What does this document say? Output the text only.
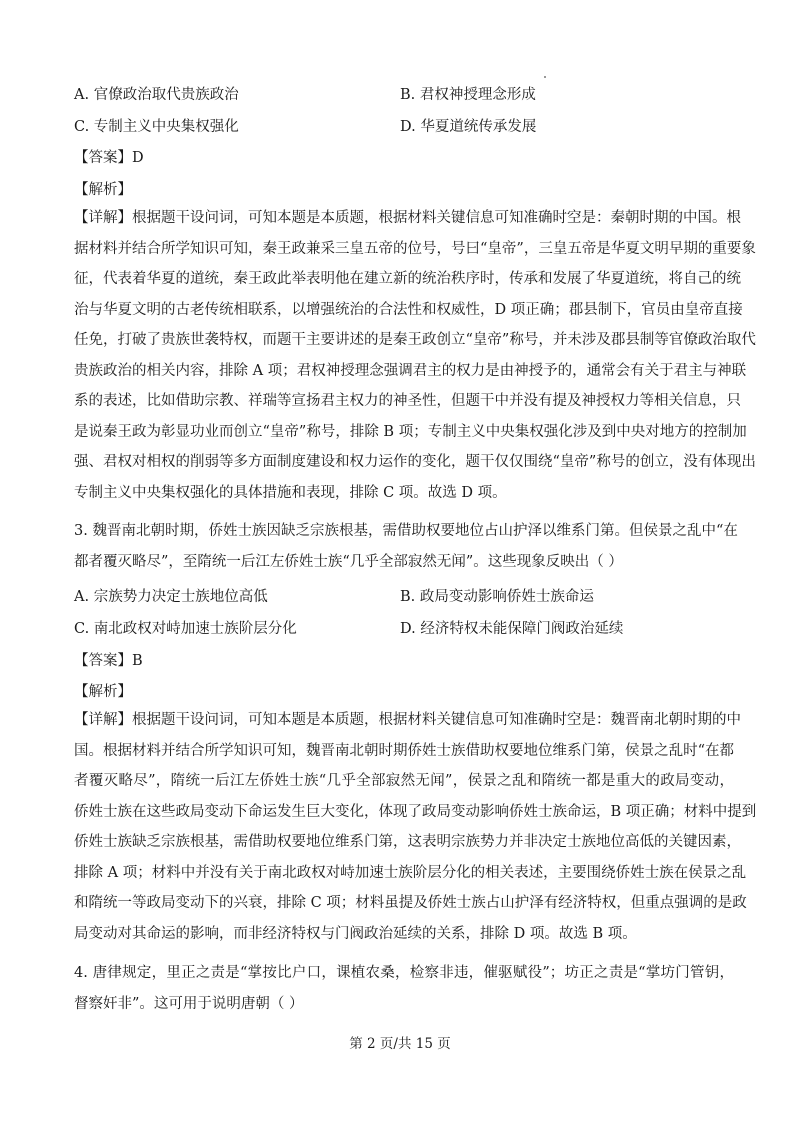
A. 官僚政治取代贵族政治	B. 君权神授理念形成
C. 专制主义中央集权强化	D. 华夏道统传承发展
【答案】D
【解析】
【详解】根据题干设问词，可知本题是本质题，根据材料关键信息可知准确时空是：秦朝时期的中国。根
据材料并结合所学知识可知，秦王政兼采三皇五帝的位号，号曰“皇帝”，三皇五帝是华夏文明早期的重要象
征，代表着华夏的道统，秦王政此举表明他在建立新的统治秩序时，传承和发展了华夏道统，将自己的统
治与华夏文明的古老传统相联系，以增强统治的合法性和权威性，D 项正确；郡县制下，官员由皇帝直接
任免，打破了贵族世袭特权，而题干主要讲述的是秦王政创立“皇帝”称号，并未涉及郡县制等官僚政治取代
贵族政治的相关内容，排除 A 项；君权神授理念强调君主的权力是由神授予的，通常会有关于君主与神联
系的表述，比如借助宗教、祥瑞等宣扬君主权力的神圣性，但题干中并没有提及神授权力等相关信息，只
是说秦王政为彰显功业而创立“皇帝”称号，排除 B 项；专制主义中央集权强化涉及到中央对地方的控制加
强、君权对相权的削弱等多方面制度建设和权力运作的变化，题干仅仅围绕“皇帝”称号的创立，没有体现出
专制主义中央集权强化的具体措施和表现，排除 C 项。故选 D 项。
3. 魏晋南北朝时期，侨姓士族因缺乏宗族根基，需借助权要地位占山护泽以维系门第。但侯景之乱中“在
都者覆灭略尽”，至隋统一后江左侨姓士族“几乎全部寂然无闻”。这些现象反映出（ ）
A. 宗族势力决定士族地位高低	B. 政局变动影响侨姓士族命运
C. 南北政权对峙加速士族阶层分化	D. 经济特权未能保障门阀政治延续
【答案】B
【解析】
【详解】根据题干设问词，可知本题是本质题，根据材料关键信息可知准确时空是：魏晋南北朝时期的中
国。根据材料并结合所学知识可知，魏晋南北朝时期侨姓士族借助权要地位维系门第，侯景之乱时“在都
者覆灭略尽”，隋统一后江左侨姓士族“几乎全部寂然无闻”，侯景之乱和隋统一都是重大的政局变动，
侨姓士族在这些政局变动下命运发生巨大变化，体现了政局变动影响侨姓士族命运，B 项正确；材料中提到
侨姓士族缺乏宗族根基，需借助权要地位维系门第，这表明宗族势力并非决定士族地位高低的关键因素，
排除 A 项；材料中并没有关于南北政权对峙加速士族阶层分化的相关表述，主要围绕侨姓士族在侯景之乱
和隋统一等政局变动下的兴衰，排除 C 项；材料虽提及侨姓士族占山护泽有经济特权，但重点强调的是政
局变动对其命运的影响，而非经济特权与门阀政治延续的关系，排除 D 项。故选 B 项。
4. 唐律规定，里正之责是“掌按比户口，课植农桑，检察非违，催驱赋役”；坊正之责是“掌坊门管钥，
督察奸非”。这可用于说明唐朝（ ）
第 2 页/共 15 页
